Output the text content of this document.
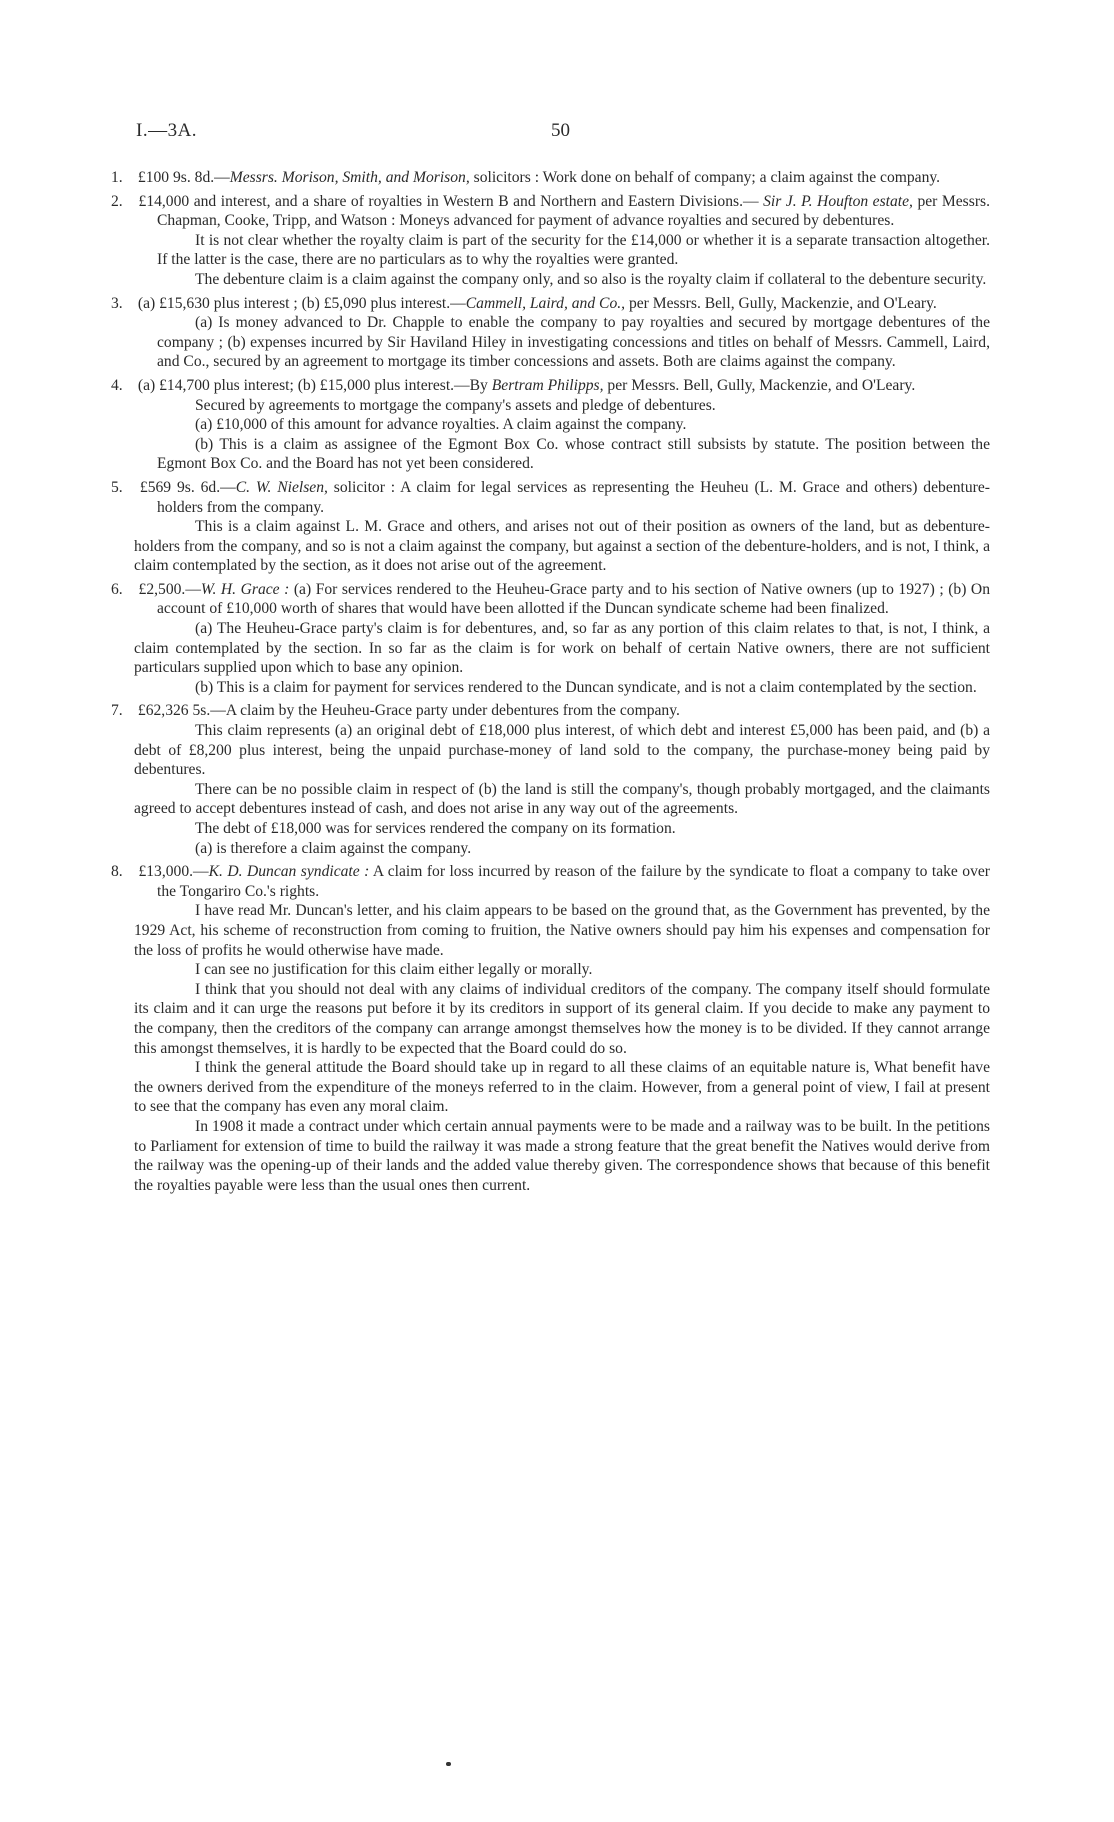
I.—3A.	50
1. £100 9s. 8d.—Messrs. Morison, Smith, and Morison, solicitors : Work done on behalf of company; a claim against the company.
2. £14,000 and interest, and a share of royalties in Western B and Northern and Eastern Divisions.— Sir J. P. Houfton estate, per Messrs. Chapman, Cooke, Tripp, and Watson : Moneys advanced for payment of advance royalties and secured by debentures.
It is not clear whether the royalty claim is part of the security for the £14,000 or whether it is a separate transaction altogether. If the latter is the case, there are no particulars as to why the royalties were granted.
The debenture claim is a claim against the company only, and so also is the royalty claim if collateral to the debenture security.
3. (a) £15,630 plus interest ; (b) £5,090 plus interest.—Cammell, Laird, and Co., per Messrs. Bell, Gully, Mackenzie, and O'Leary.
(a) Is money advanced to Dr. Chapple to enable the company to pay royalties and secured by mortgage debentures of the company ; (b) expenses incurred by Sir Haviland Hiley in investigating concessions and titles on behalf of Messrs. Cammell, Laird, and Co., secured by an agreement to mortgage its timber concessions and assets. Both are claims against the company.
4. (a) £14,700 plus interest; (b) £15,000 plus interest.—By Bertram Philipps, per Messrs. Bell, Gully, Mackenzie, and O'Leary.
Secured by agreements to mortgage the company's assets and pledge of debentures.
(a) £10,000 of this amount for advance royalties. A claim against the company.
(b) This is a claim as assignee of the Egmont Box Co. whose contract still subsists by statute. The position between the Egmont Box Co. and the Board has not yet been considered.
5. £569 9s. 6d.—C. W. Nielsen, solicitor : A claim for legal services as representing the Heuheu (L. M. Grace and others) debenture-holders from the company.
This is a claim against L. M. Grace and others, and arises not out of their position as owners of the land, but as debenture-holders from the company, and so is not a claim against the company, but against a section of the debenture-holders, and is not, I think, a claim contemplated by the section, as it does not arise out of the agreement.
6. £2,500.—W. H. Grace : (a) For services rendered to the Heuheu-Grace party and to his section of Native owners (up to 1927) ; (b) On account of £10,000 worth of shares that would have been allotted if the Duncan syndicate scheme had been finalized.
(a) The Heuheu-Grace party's claim is for debentures, and, so far as any portion of this claim relates to that, is not, I think, a claim contemplated by the section. In so far as the claim is for work on behalf of certain Native owners, there are not sufficient particulars supplied upon which to base any opinion.
(b) This is a claim for payment for services rendered to the Duncan syndicate, and is not a claim contemplated by the section.
7. £62,326 5s.—A claim by the Heuheu-Grace party under debentures from the company.
This claim represents (a) an original debt of £18,000 plus interest, of which debt and interest £5,000 has been paid, and (b) a debt of £8,200 plus interest, being the unpaid purchase-money of land sold to the company, the purchase-money being paid by debentures.
There can be no possible claim in respect of (b) the land is still the company's, though probably mortgaged, and the claimants agreed to accept debentures instead of cash, and does not arise in any way out of the agreements.
The debt of £18,000 was for services rendered the company on its formation.
(a) is therefore a claim against the company.
8. £13,000.—K. D. Duncan syndicate : A claim for loss incurred by reason of the failure by the syndicate to float a company to take over the Tongariro Co.'s rights.
I have read Mr. Duncan's letter, and his claim appears to be based on the ground that, as the Government has prevented, by the 1929 Act, his scheme of reconstruction from coming to fruition, the Native owners should pay him his expenses and compensation for the loss of profits he would otherwise have made.
I can see no justification for this claim either legally or morally.
I think that you should not deal with any claims of individual creditors of the company. The company itself should formulate its claim and it can urge the reasons put before it by its creditors in support of its general claim. If you decide to make any payment to the company, then the creditors of the company can arrange amongst themselves how the money is to be divided. If they cannot arrange this amongst themselves, it is hardly to be expected that the Board could do so.
I think the general attitude the Board should take up in regard to all these claims of an equitable nature is, What benefit have the owners derived from the expenditure of the moneys referred to in the claim. However, from a general point of view, I fail at present to see that the company has even any moral claim.
In 1908 it made a contract under which certain annual payments were to be made and a railway was to be built. In the petitions to Parliament for extension of time to build the railway it was made a strong feature that the great benefit the Natives would derive from the railway was the opening-up of their lands and the added value thereby given. The correspondence shows that because of this benefit the royalties payable were less than the usual ones then current.
